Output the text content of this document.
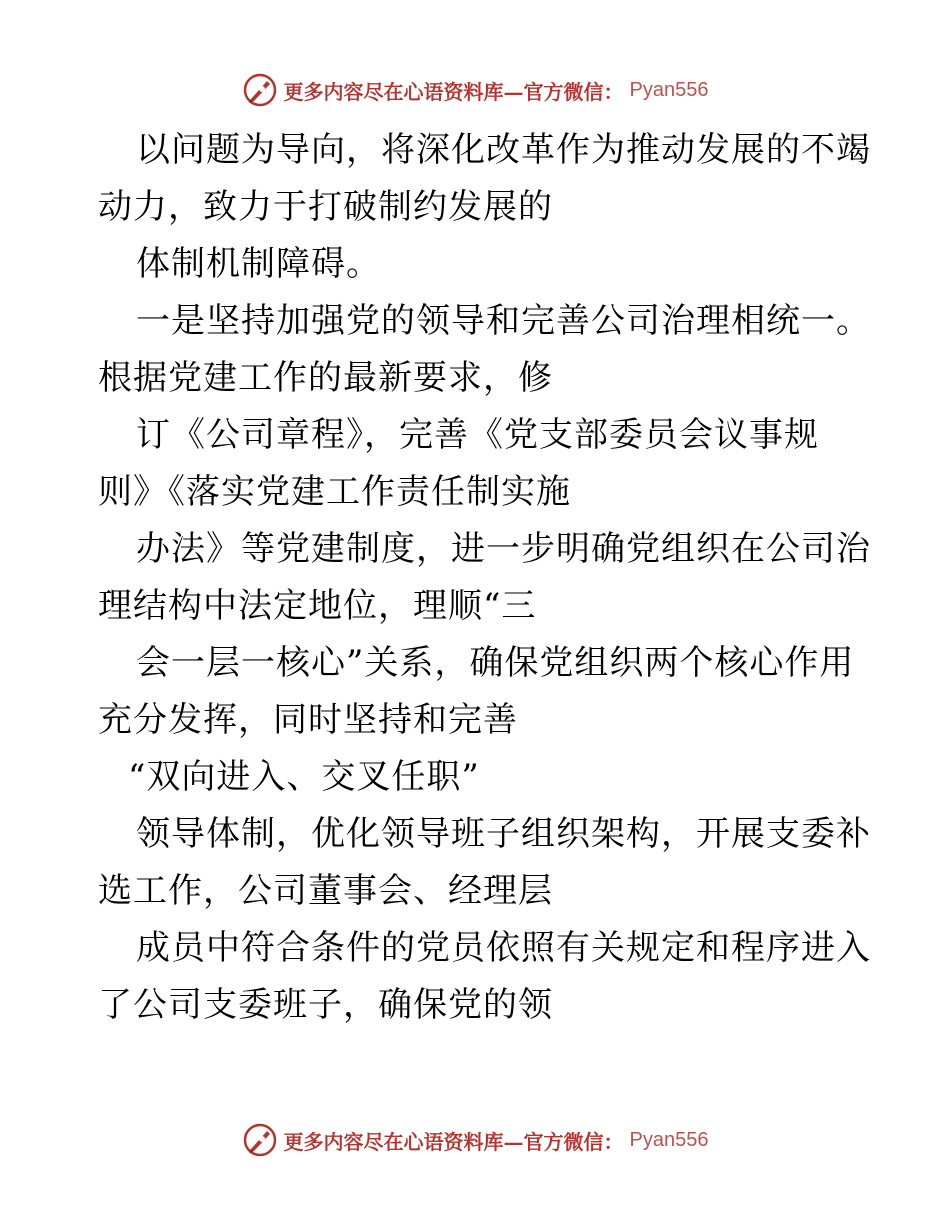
更多内容尽在心语资料库—官方微信： Pyan556
以问题为导向，将深化改革作为推动发展的不竭
动力，致力于打破制约发展的
体制机制障碍。
一是坚持加强党的领导和完善公司治理相统一。
根据党建工作的最新要求，修
订《公司章程》，完善《党支部委员会议事规
则》《落实党建工作责任制实施
办法》等党建制度，进一步明确党组织在公司治
理结构中法定地位，理顺“三
会一层一核心”关系，确保党组织两个核心作用
充分发挥，同时坚持和完善
“双向进入、交叉任职”
领导体制，优化领导班子组织架构，开展支委补
选工作，公司董事会、经理层
成员中符合条件的党员依照有关规定和程序进入
了公司支委班子，确保党的领
更多内容尽在心语资料库—官方微信： Pyan556
